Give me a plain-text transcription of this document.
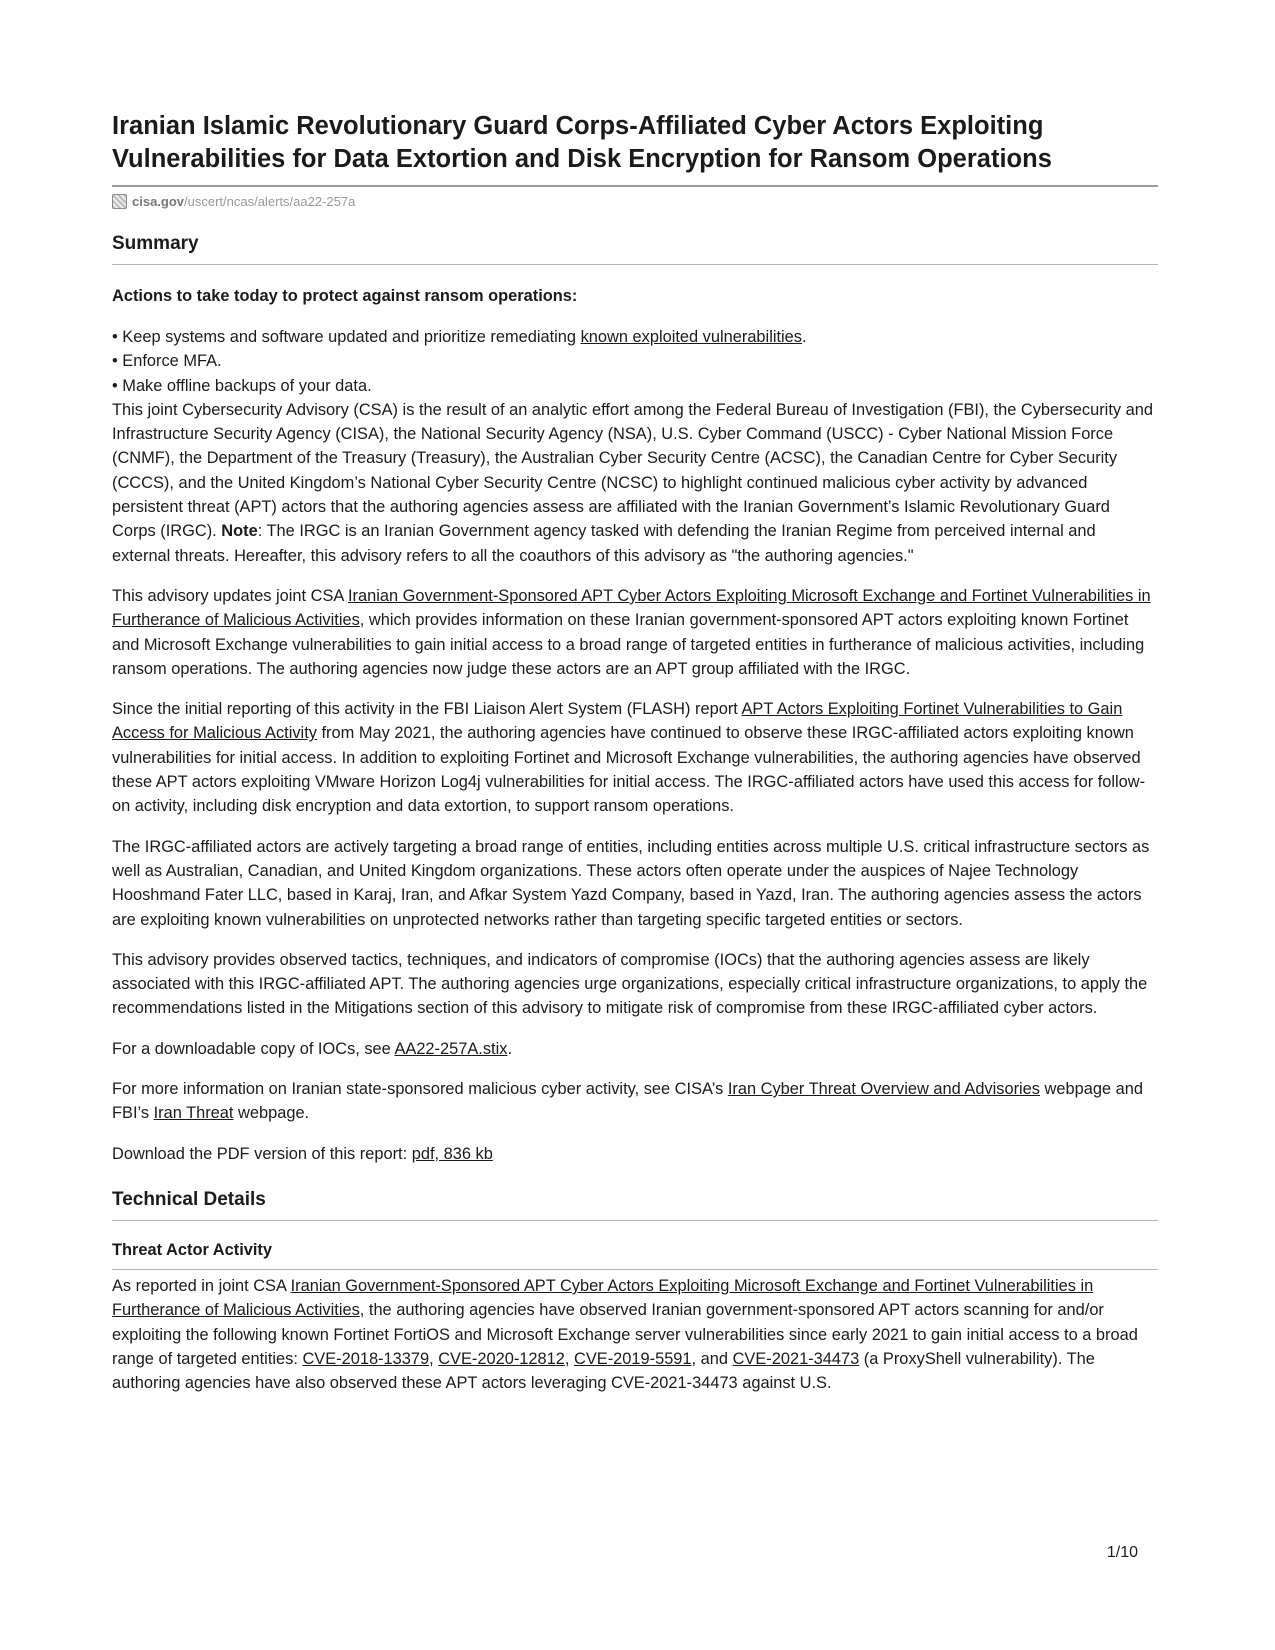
Iranian Islamic Revolutionary Guard Corps-Affiliated Cyber Actors Exploiting Vulnerabilities for Data Extortion and Disk Encryption for Ransom Operations
cisa.gov /uscert/ncas/alerts/aa22-257a
Summary
Actions to take today to protect against ransom operations:
• Keep systems and software updated and prioritize remediating known exploited vulnerabilities.
• Enforce MFA.
• Make offline backups of your data.

This joint Cybersecurity Advisory (CSA) is the result of an analytic effort among the Federal Bureau of Investigation (FBI), the Cybersecurity and Infrastructure Security Agency (CISA), the National Security Agency (NSA), U.S. Cyber Command (USCC) - Cyber National Mission Force (CNMF), the Department of the Treasury (Treasury), the Australian Cyber Security Centre (ACSC), the Canadian Centre for Cyber Security (CCCS), and the United Kingdom’s National Cyber Security Centre (NCSC) to highlight continued malicious cyber activity by advanced persistent threat (APT) actors that the authoring agencies assess are affiliated with the Iranian Government’s Islamic Revolutionary Guard Corps (IRGC). Note: The IRGC is an Iranian Government agency tasked with defending the Iranian Regime from perceived internal and external threats. Hereafter, this advisory refers to all the coauthors of this advisory as "the authoring agencies."

This advisory updates joint CSA Iranian Government-Sponsored APT Cyber Actors Exploiting Microsoft Exchange and Fortinet Vulnerabilities in Furtherance of Malicious Activities, which provides information on these Iranian government-sponsored APT actors exploiting known Fortinet and Microsoft Exchange vulnerabilities to gain initial access to a broad range of targeted entities in furtherance of malicious activities, including ransom operations. The authoring agencies now judge these actors are an APT group affiliated with the IRGC.

Since the initial reporting of this activity in the FBI Liaison Alert System (FLASH) report APT Actors Exploiting Fortinet Vulnerabilities to Gain Access for Malicious Activity from May 2021, the authoring agencies have continued to observe these IRGC-affiliated actors exploiting known vulnerabilities for initial access. In addition to exploiting Fortinet and Microsoft Exchange vulnerabilities, the authoring agencies have observed these APT actors exploiting VMware Horizon Log4j vulnerabilities for initial access. The IRGC-affiliated actors have used this access for follow-on activity, including disk encryption and data extortion, to support ransom operations.

The IRGC-affiliated actors are actively targeting a broad range of entities, including entities across multiple U.S. critical infrastructure sectors as well as Australian, Canadian, and United Kingdom organizations. These actors often operate under the auspices of Najee Technology Hooshmand Fater LLC, based in Karaj, Iran, and Afkar System Yazd Company, based in Yazd, Iran. The authoring agencies assess the actors are exploiting known vulnerabilities on unprotected networks rather than targeting specific targeted entities or sectors.

This advisory provides observed tactics, techniques, and indicators of compromise (IOCs) that the authoring agencies assess are likely associated with this IRGC-affiliated APT. The authoring agencies urge organizations, especially critical infrastructure organizations, to apply the recommendations listed in the Mitigations section of this advisory to mitigate risk of compromise from these IRGC-affiliated cyber actors.

For a downloadable copy of IOCs, see AA22-257A.stix.

For more information on Iranian state-sponsored malicious cyber activity, see CISA’s Iran Cyber Threat Overview and Advisories webpage and FBI’s Iran Threat webpage.

Download the PDF version of this report: pdf, 836 kb

Technical Details
Threat Actor Activity

As reported in joint CSA Iranian Government-Sponsored APT Cyber Actors Exploiting Microsoft Exchange and Fortinet Vulnerabilities in Furtherance of Malicious Activities, the authoring agencies have observed Iranian government-sponsored APT actors scanning for and/or exploiting the following known Fortinet FortiOS and Microsoft Exchange server vulnerabilities since early 2021 to gain initial access to a broad range of targeted entities: CVE-2018-13379, CVE-2020-12812, CVE-2019-5591, and CVE-2021-34473 (a ProxyShell vulnerability). The authoring agencies have also observed these APT actors leveraging CVE-2021-34473 against U.S.

1/10
